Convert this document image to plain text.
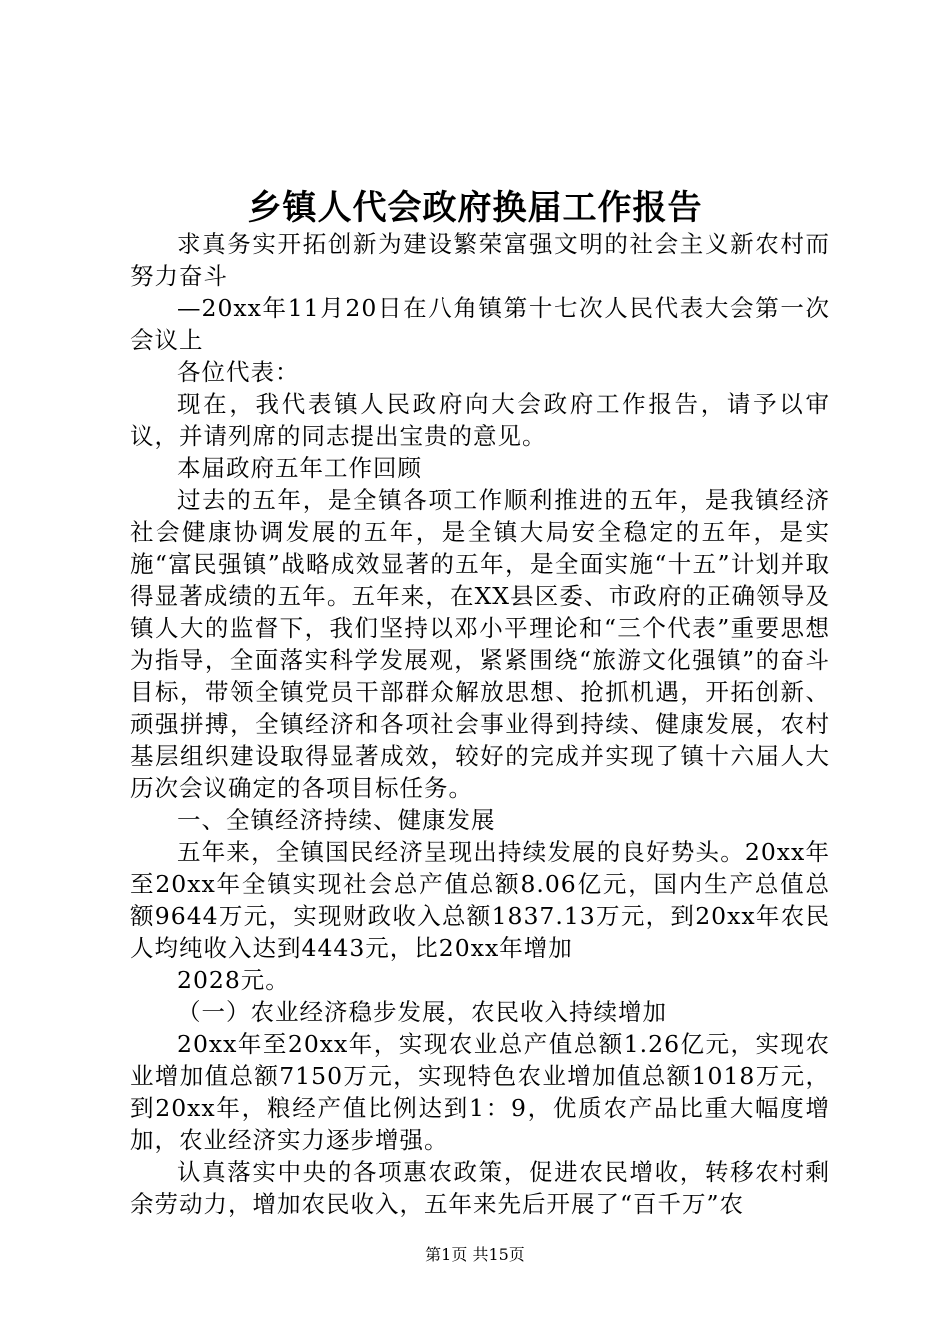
乡镇人代会政府换届工作报告

求真务实开拓创新为建设繁荣富强文明的社会主义新农村而努力奋斗

—20xx年11月20日在八角镇第十七次人民代表大会第一次会议上

各位代表：

现在，我代表镇人民政府向大会政府工作报告，请予以审议，并请列席的同志提出宝贵的意见。

本届政府五年工作回顾

过去的五年，是全镇各项工作顺利推进的五年，是我镇经济社会健康协调发展的五年，是全镇大局安全稳定的五年，是实施“富民强镇”战略成效显著的五年，是全面实施“十五”计划并取得显著成绩的五年。五年来，在XX县区委、市政府的正确领导及镇人大的监督下，我们坚持以邓小平理论和“三个代表”重要思想为指导，全面落实科学发展观，紧紧围绕“旅游文化强镇”的奋斗目标，带领全镇党员干部群众解放思想、抢抓机遇，开拓创新、顽强拼搏，全镇经济和各项社会事业得到持续、健康发展，农村基层组织建设取得显著成效，较好的完成并实现了镇十六届人大历次会议确定的各项目标任务。

一、全镇经济持续、健康发展

五年来，全镇国民经济呈现出持续发展的良好势头。20xx年至20xx年全镇实现社会总产值总额8.06亿元，国内生产总值总额9644万元，实现财政收入总额1837.13万元，到20xx年农民人均纯收入达到4443元，比20xx年增加

2028元。

（一）农业经济稳步发展，农民收入持续增加

20xx年至20xx年，实现农业总产值总额1.26亿元，实现农业增加值总额7150万元，实现特色农业增加值总额1018万元，到20xx年，粮经产值比例达到1：9，优质农产品比重大幅度增加，农业经济实力逐步增强。

认真落实中央的各项惠农政策，促进农民增收，转移农村剩余劳动力，增加农民收入，五年来先后开展了“百千万”农

第1页 共15页
